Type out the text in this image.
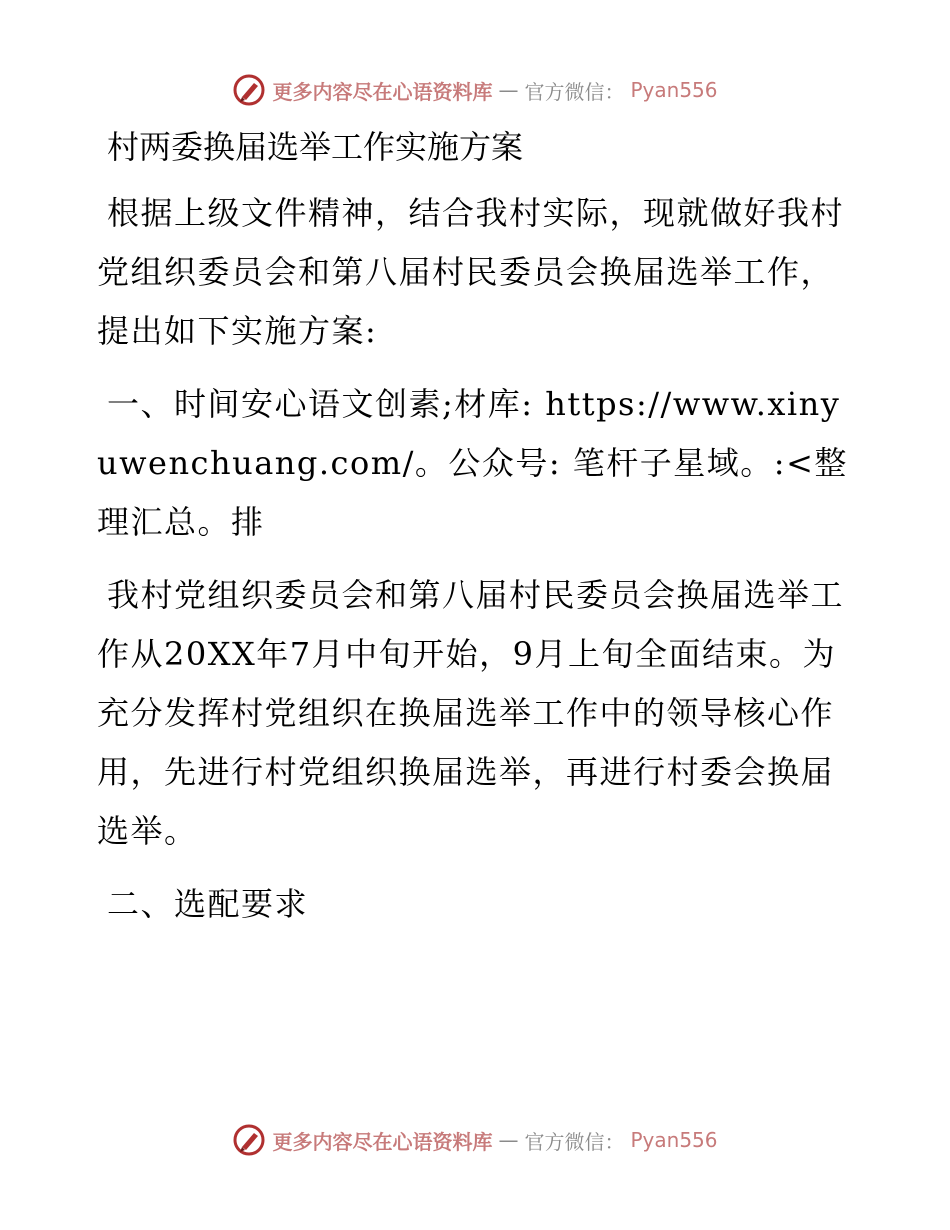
更多内容尽在心语资料库 — 官方微信： Pyan556
村两委换届选举工作实施方案

根据上级文件精神，结合我村实际，现就做好我村党组织委员会和第八届村民委员会换届选举工作，提出如下实施方案:

一、时间安心语文创素;材库: https://www.xinyuwenchuang.com/。公众号: 笔杆子星域。:<整理汇总。排

我村党组织委员会和第八届村民委员会换届选举工作从20XX年7月中旬开始，9月上旬全面结束。为充分发挥村党组织在换届选举工作中的领导核心作用，先进行村党组织换届选举，再进行村委会换届选举。

二、选配要求

更多内容尽在心语资料库 — 官方微信： Pyan556
